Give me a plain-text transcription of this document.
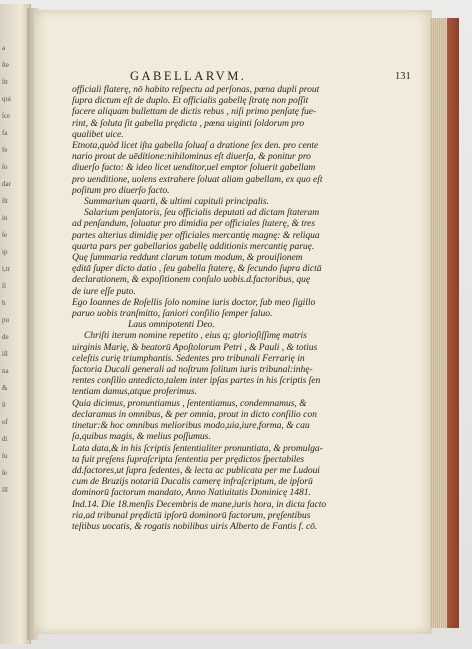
a
ſte
ſtr
qui
ſce
fa
fe
ſo
dar
ſit
in
ſe
ip
i,tr
ſi
h
pu
de
iſl
na
&
ſt
of
di
ſu
ſe
ill
GABELLARVM.	131
officiali flaterę, nō habito reſpectu ad perſonas, pœna dupli prout
ſupra dictum eſt de duplo. Et officialis gabellę ſtratę non poſſit
facere aliquam bullettam de dictis rebus , niſi primo penſatę fue-
rint, & ſoluta ſit gabella prędicta , pœna uiginti ſoldorum pro
qualibet uice.
Etnota,quòd licet iſta gabella ſoluaſ a dratione ſex den. pro cente
nario prout de uēditione:nihilominus eſt diuerſa, & ponitur pro
diuerſo facto: & ideo licet uenditor,uel emptor ſoluerit gabellam
pro uenditione, uolens extrahere ſoluat aliam gabellam, ex quo eſt
poſitum pro diuerſo facto.
Summarium quarti, & ultimi capituli principalis.
Salarium penſatoris, ſeu officialis deputati ad dictam ſtateram
ad penſandum, ſoluatur pro dimidia per officiales ſtaterę, & tres
partes alterius dimidię per officiales mercantię magnę: & reliqua
quarta pars per gabellarios gabellę additionis mercantię paruę.
Quę ſummaria reddunt clarum totum modum, & prouiſionem
ęditā ſuper dicto datio , ſeu gabella ſtaterę, & ſecundo ſupra dictā
declarationem, & expoſitionem conſulo uobis.d.factoribus, quę
de iure eſſe puto.
Ego Ioannes de Roſellis ſolo nomine iuris doctor, ſub meo ſigillo
paruo uobis tranſmitto, ſaniori conſilio ſemper ſaluo.
Laus omnipotenti Deo.
Chriſti iterum nomine repetito , eius q; glorioſiſſimę matris
uirginis Marię, & beatorū Apoſtolorum Petri , & Pauli , & totius
celeſtis curię triumphantis. Sedentes pro tribunali Ferrarię in
factoria Ducali generali ad noſtrum ſolitum iuris tribunal:inhę-
rentes conſilio antedicto,talem inter ipſas partes in his ſcriptis ſen
tentiam damus,atque proferimus.
Quia dicimus, pronuntiamus , ſententiamus, condemnamus, &
declaramus in omnibus, & per omnia, prout in dicto conſilio con
tinetur:& hoc omnibus melioribus modo,uia,iure,forma, & cau
ſa,quibus magis, & melius poſſumus.
Lata data,& in his ſcriptis ſententialiter pronuntiata, & promulga-
ta fuit pręſens ſupraſcripta ſententia per prędictos ſpectabiles
dd.factores,ut ſupra ſedentes, & lecta ac publicata per me Ludoui
cum de Bruzijs notariū Ducalis camerę infraſcriptum, de ipſorū
dominorū factorum mandato, Anno Natiuitatis Dominicę 1481.
Ind.14. Die 18.menſis Decembris de mane,iuris hora, in dicta facto
ria,ad tribunal prędictū ipſorū dominorū factorum, pręſentibus
teſtibus uocatis, & rogatis nobilibus uiris Alberto de Fantis f. cō.
